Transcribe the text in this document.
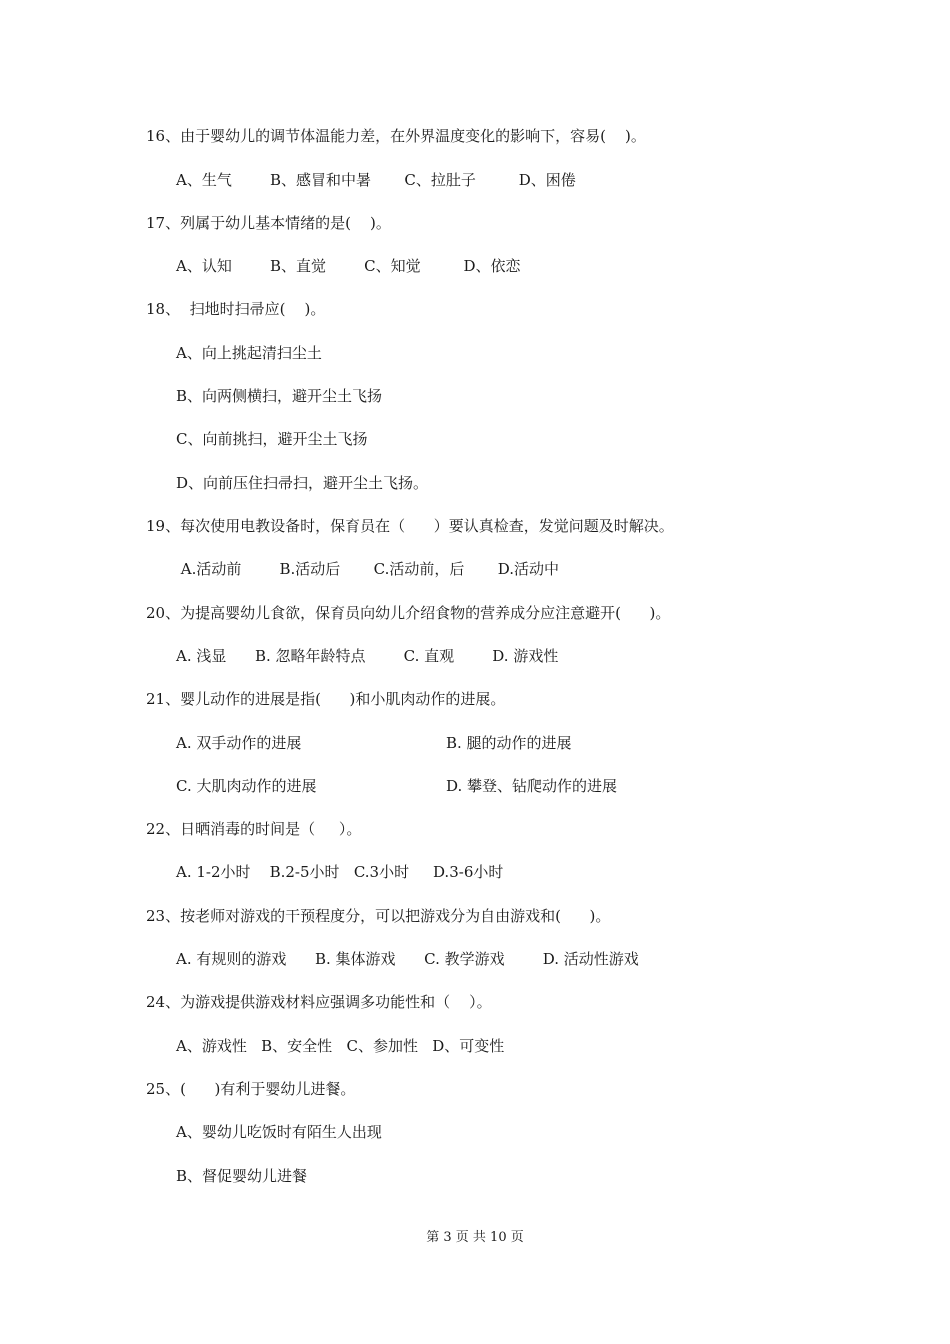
16、由于婴幼儿的调节体温能力差，在外界温度变化的影响下，容易(    )。
A、生气        B、感冒和中暑       C、拉肚子         D、困倦
17、列属于幼儿基本情绪的是(    )。
A、认知        B、直觉        C、知觉         D、依恋
18、  扫地时扫帚应(    )。
A、向上挑起清扫尘土
B、向两侧横扫，避开尘土飞扬
C、向前挑扫，避开尘土飞扬
D、向前压住扫帚扫，避开尘土飞扬。
19、每次使用电教设备时，保育员在（      ）要认真检查，发觉问题及时解决。
A.活动前        B.活动后       C.活动前，后       D.活动中
20、为提高婴幼儿食欲，保育员向幼儿介绍食物的营养成分应注意避开(      )。
A. 浅显      B. 忽略年龄特点        C. 直观        D. 游戏性
21、婴儿动作的进展是指(      )和小肌肉动作的进展。
A. 双手动作的进展	B. 腿的动作的进展
C. 大肌肉动作的进展	D. 攀登、钻爬动作的进展
22、日晒消毒的时间是（     ）。
A. 1-2小时    B.2-5小时   C.3小时     D.3-6小时
23、按老师对游戏的干预程度分，可以把游戏分为自由游戏和(      )。
A. 有规则的游戏      B. 集体游戏      C. 教学游戏        D. 活动性游戏
24、为游戏提供游戏材料应强调多功能性和（    ）。
A、游戏性   B、安全性   C、参加性   D、可变性
25、(      )有利于婴幼儿进餐。
A、婴幼儿吃饭时有陌生人出现
B、督促婴幼儿进餐
第 3 页 共 10 页
